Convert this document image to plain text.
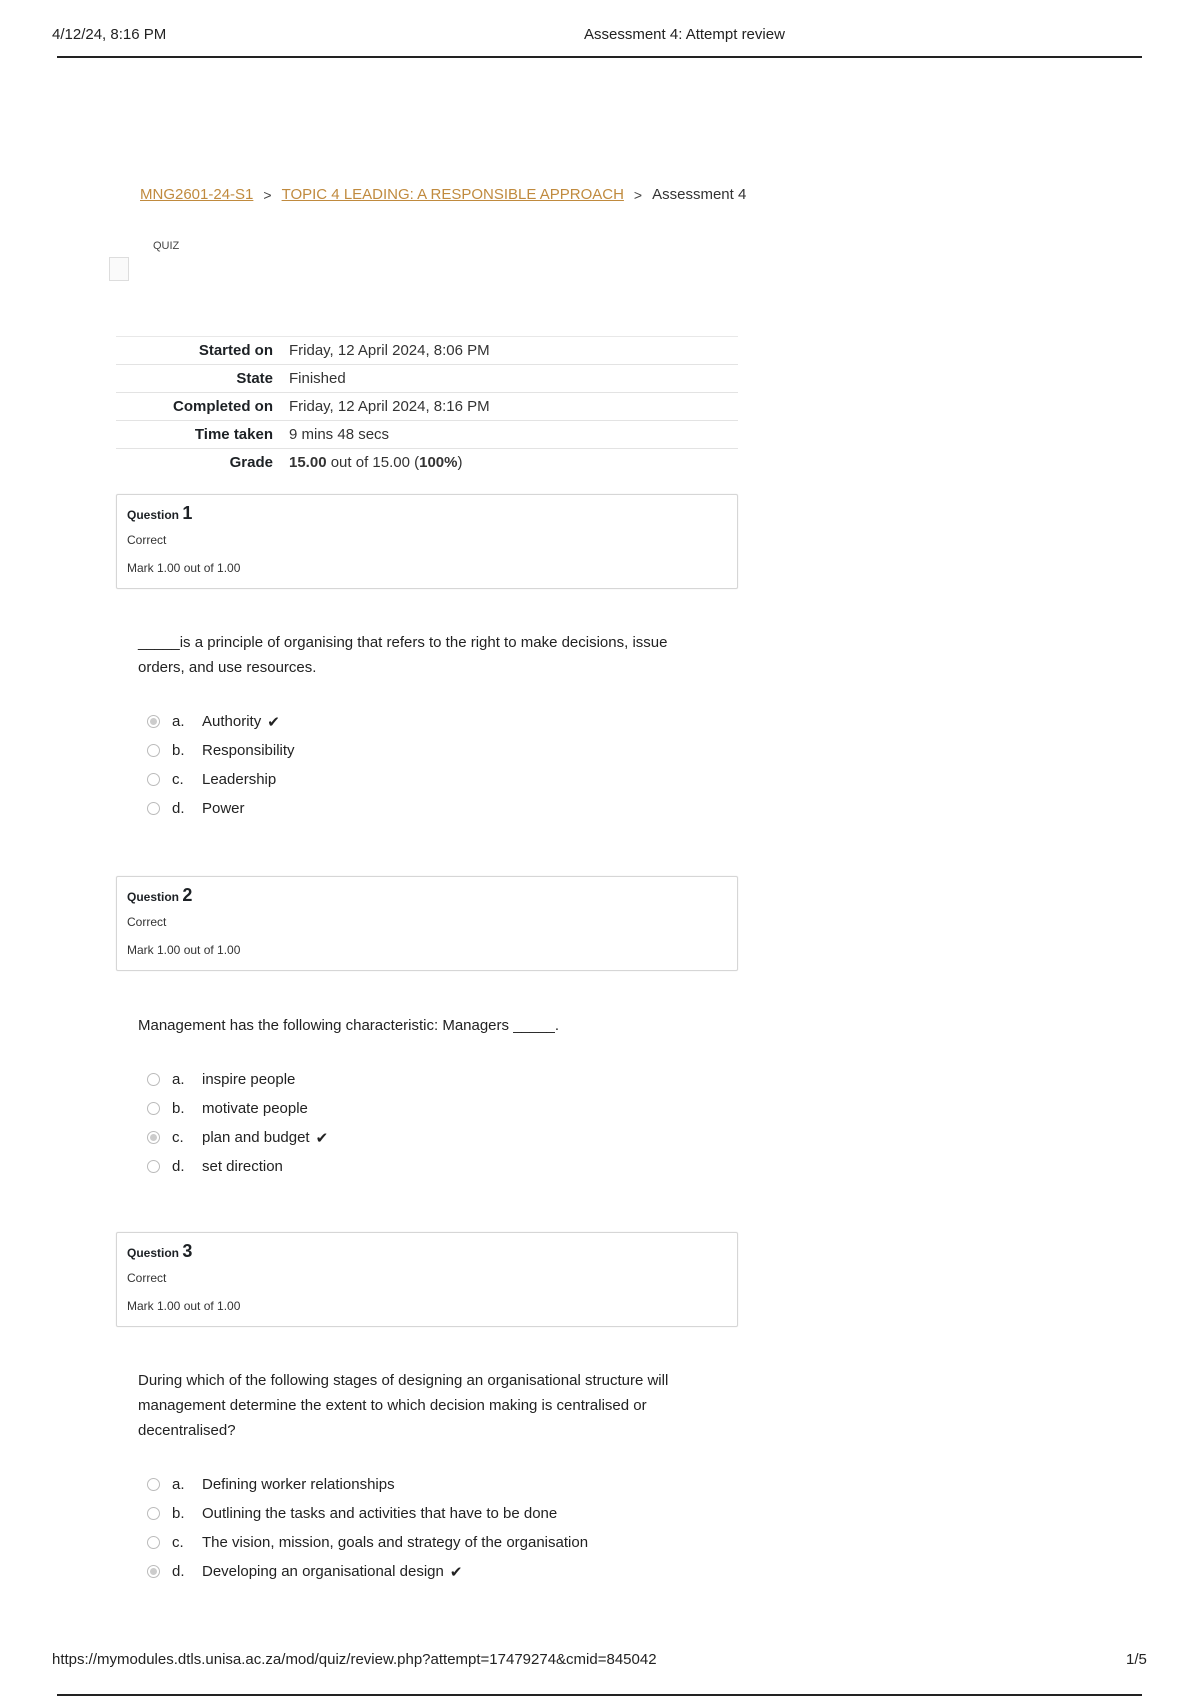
4/12/24, 8:16 PM	Assessment 4: Attempt review
MNG2601-24-S1 > TOPIC 4 LEADING: A RESPONSIBLE APPROACH > Assessment 4
QUIZ
Started on	Friday, 12 April 2024, 8:06 PM
State	Finished
Completed on	Friday, 12 April 2024, 8:16 PM
Time taken	9 mins 48 secs
Grade	15.00 out of 15.00 (100%)
Question 1
Correct
Mark 1.00 out of 1.00
_____is a principle of organising that refers to the right to make decisions, issue orders, and use resources.
a.	Authority ✔
b.	Responsibility
c.	Leadership
d.	Power
Question 2
Correct
Mark 1.00 out of 1.00
Management has the following characteristic: Managers _____.
a.	inspire people
b.	motivate people
c.	plan and budget ✔
d.	set direction
Question 3
Correct
Mark 1.00 out of 1.00
During which of the following stages of designing an organisational structure will management determine the extent to which decision making is centralised or decentralised?
a.	Defining worker relationships
b.	Outlining the tasks and activities that have to be done
c.	The vision, mission, goals and strategy of the organisation
d.	Developing an organisational design ✔
https://mymodules.dtls.unisa.ac.za/mod/quiz/review.php?attempt=17479274&cmid=845042	1/5
